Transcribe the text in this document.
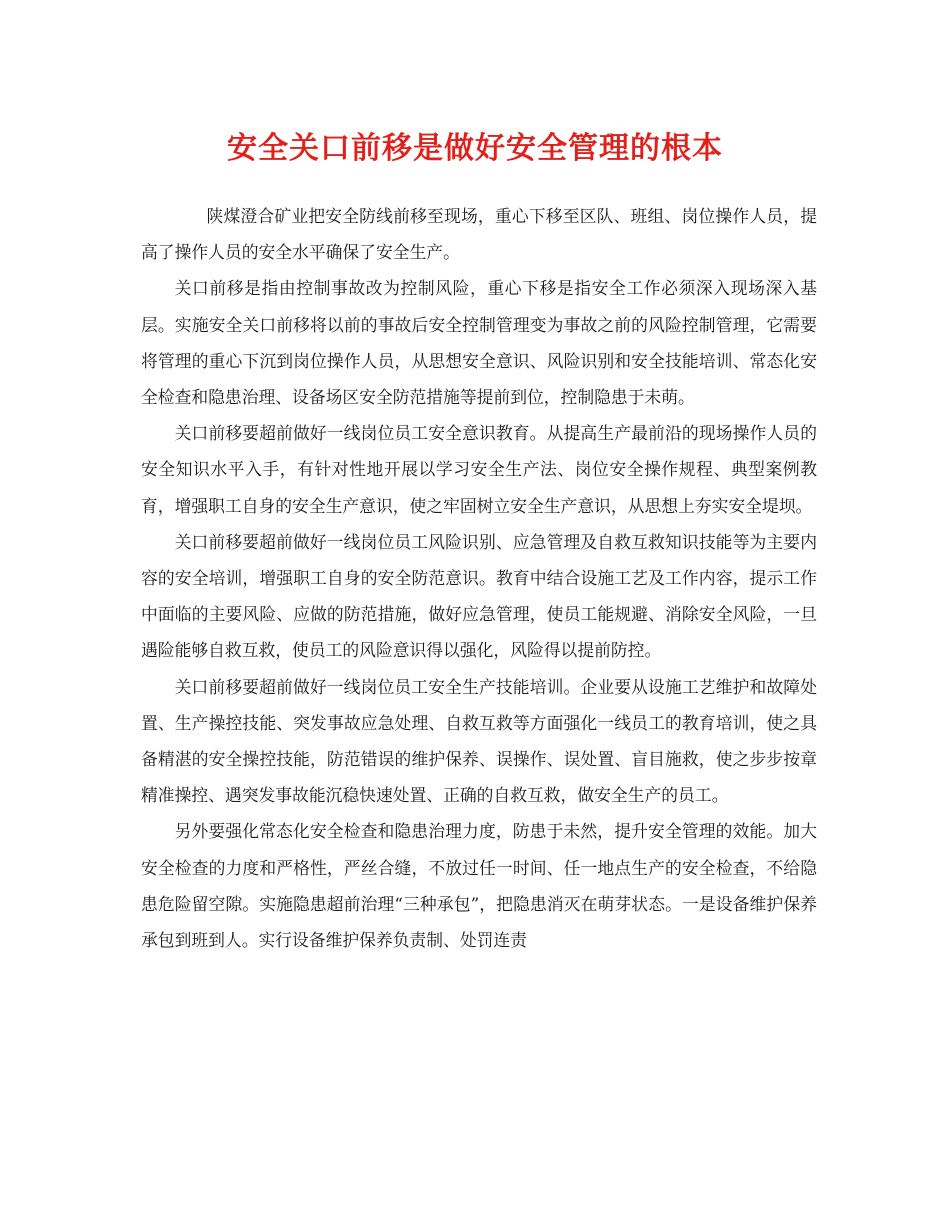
安全关口前移是做好安全管理的根本

陕煤澄合矿业把安全防线前移至现场，重心下移至区队、班组、岗位操作人员，提高了操作人员的安全水平确保了安全生产。

关口前移是指由控制事故改为控制风险，重心下移是指安全工作必须深入现场深入基层。实施安全关口前移将以前的事故后安全控制管理变为事故之前的风险控制管理，它需要将管理的重心下沉到岗位操作人员，从思想安全意识、风险识别和安全技能培训、常态化安全检查和隐患治理、设备场区安全防范措施等提前到位，控制隐患于未萌。

关口前移要超前做好一线岗位员工安全意识教育。从提高生产最前沿的现场操作人员的安全知识水平入手，有针对性地开展以学习安全生产法、岗位安全操作规程、典型案例教育，增强职工自身的安全生产意识，使之牢固树立安全生产意识，从思想上夯实安全堤坝。

关口前移要超前做好一线岗位员工风险识别、应急管理及自救互救知识技能等为主要内容的安全培训，增强职工自身的安全防范意识。教育中结合设施工艺及工作内容，提示工作中面临的主要风险、应做的防范措施，做好应急管理，使员工能规避、消除安全风险，一旦遇险能够自救互救，使员工的风险意识得以强化，风险得以提前防控。

关口前移要超前做好一线岗位员工安全生产技能培训。企业要从设施工艺维护和故障处置、生产操控技能、突发事故应急处理、自救互救等方面强化一线员工的教育培训，使之具备精湛的安全操控技能，防范错误的维护保养、误操作、误处置、盲目施救，使之步步按章精准操控、遇突发事故能沉稳快速处置、正确的自救互救，做安全生产的员工。

另外要强化常态化安全检查和隐患治理力度，防患于未然，提升安全管理的效能。加大安全检查的力度和严格性，严丝合缝，不放过任一时间、任一地点生产的安全检查，不给隐患危险留空隙。实施隐患超前治理“三种承包”，把隐患消灭在萌芽状态。一是设备维护保养承包到班到人。实行设备维护保养负责制、处罚连责
